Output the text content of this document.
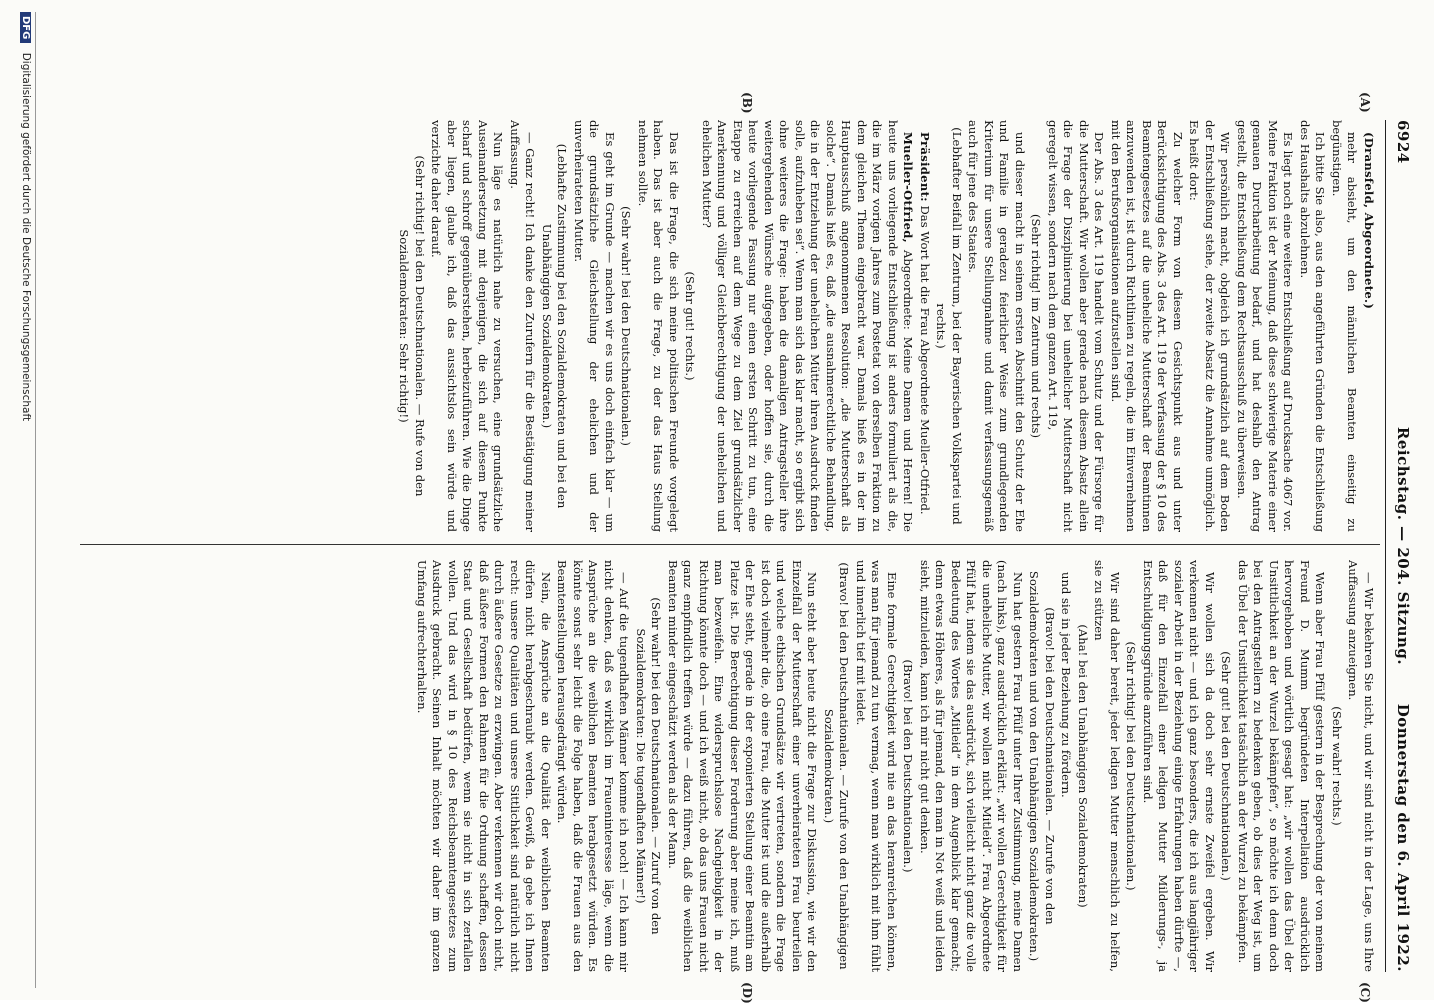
6924
Reichstag. — 204. Sitzung.
Donnerstag den 6. April 1922.
(A)
(B)
(C)
(D)

(Dransfeld, Abgeordnete.)

mehr absieht, um den männlichen Beamten einseitig zu begünstigen.

Ich bitte Sie also, aus den angeführten Gründen die Entschließung des Haushalts abzulehnen.

Es liegt noch eine weitere Entschließung auf Drucksache 4067 vor. Meine Fraktion ist der Meinung, daß diese schwierige Materie einer genauen Durcharbeitung bedarf, und hat deshalb den Antrag gestellt, die Entschließung dem Rechtsausschuß zu überweisen.

Wir persönlich macht, obgleich ich grundsätzlich auf dem Boden der Entschließung stehe, der zweite Absatz die Annahme unmöglich. Es heißt dort:

Zu welcher Form von diesem Gesichtspunkt aus und unter Berücksichtigung des Abs. 3 des Art. 119 der Verfassung der § 10 des Beamtengesetzes auf die uneheliche Mutterschaft der Beamtinnen anzuwenden ist, ist durch Richtlinien zu regeln, die im Einvernehmen mit den Berufsorganisationen aufzustellen sind.

Der Abs. 3 des Art. 119 handelt vom Schutz und der Fürsorge für die Mutterschaft. Wir wollen aber gerade nach diesem Absatz allein die Frage der Disziplinierung bei unehelicher Mutterschaft nicht geregelt wissen, sondern nach dem ganzen Art. 119,

(Sehr richtig! im Zentrum und rechts)

und dieser macht in seinem ersten Abschnitt den Schutz der Ehe und Familie in geradezu feierlicher Weise zum grundlegenden Kriterium für unsere Stellungnahme und damit verfassungsgemäß auch für jene des Staates.

(Lebhafter Beifall im Zentrum, bei der Bayerischen Volkspartei und rechts.)

Präsident: Das Wort hat die Frau Abgeordnete Mueller-Otfried.

Mueller-Otfried, Abgeordnete: Meine Damen und Herren! Die heute uns vorliegende Entschließung ist anders formuliert als die, die im März vorigen Jahres zum Postetat von derselben Fraktion zu dem gleichen Thema eingebracht war. Damals hieß es in der im Hauptausschuß angenommenen Resolution: „die Mutterschaft als solche“. Damals hieß es, daß „die ausnahmerechtliche Behandlung, die in der Entziehung der unehelichen Mütter ihren Ausdruck finden solle, aufzuheben sei“. Wenn man sich das klar macht, so ergibt sich ohne weiteres die Frage: haben die damaligen Antragsteller ihre weitergehenden Wünsche aufgegeben, oder hoffen sie, durch die heute vorliegende Fassung nur einen ersten Schritt zu tun, eine Etappe zu erreichen auf dem Wege zu dem Ziel grundsätzlicher Anerkennung und völliger Gleichberechtigung der unehelichen und ehelichen Mutter?

(Sehr gut! rechts.)

Das ist die Frage, die sich meine politischen Freunde vorgelegt haben. Das ist aber auch die Frage, zu der das Haus Stellung nehmen sollte.

(Sehr wahr! bei den Deutschnationalen.)

Es geht im Grunde — machen wir es uns doch einfach klar — um die grundsätzliche Gleichstellung der ehelichen und der unverheirateten Mutter.

(Lebhafte Zustimmung bei den Sozialdemokraten und bei den Unabhängigen Sozialdemokraten.)

— Ganz recht! Ich danke den Zurufern für die Bestätigung meiner Auffassung.

Nun läge es natürlich nahe zu versuchen, eine grundsätzliche Auseinandersetzung mit denjenigen, die sich auf diesem Punkte scharf und schroff gegenüberstehen, herbeizuführen. Wie die Dinge aber liegen, glaube ich, daß das aussichtslos sein würde und verzichte daher darauf.

(Sehr richtig! bei den Deutschnationalen. — Rufe von den Sozialdemokraten: Sehr richtig!)

— Wir bekehren Sie nicht, und wir sind nicht in der Lage, uns Ihre Auffassung anzueignen.

(Sehr wahr! rechts.)

Wenn aber Frau Pfülf gestern in der Besprechung der von meinem Freund D. Mumm begründeten Interpellation ausdrücklich hervorgehoben und wörtlich gesagt hat: „wir wollen das Übel der Unsittlichkeit an der Wurzel bekämpfen“, so möchte ich denn doch bei den Antragstellern zu bedenken geben, ob dies der Weg ist, um das Übel der Unsittlichkeit tatsächlich an der Wurzel zu bekämpfen.

(Sehr gut! bei den Deutschnationalen.)

Wir wollen sich da doch sehr ernste Zweifel ergeben. Wir verkennen nicht — und ich ganz besonders, die ich aus langjähriger sozialer Arbeit in der Beziehung einige Erfahrungen haben dürfte —, daß für den Einzelfall einer ledigen Mutter Milderungs-, ja Entschuldigungsgründe anzuführen sind.

(Sehr richtig! bei den Deutschnationalen.)

Wir sind daher bereit, jeder ledigen Mutter menschlich zu helfen, sie zu stützen

(Aha! bei den Unabhängigen Sozialdemokraten)

und sie in jeder Beziehung zu fördern.

(Bravo! bei den Deutschnationalen. — Zurufe von den Sozialdemokraten und von den Unabhängigen Sozialdemokraten.)

Nun hat gestern Frau Pfülf unter Ihrer Zustimmung, meine Damen (nach links), ganz ausdrücklich erklärt: „wir wollen Gerechtigkeit für die uneheliche Mutter, wir wollen nicht Mitleid“. Frau Abgeordnete Pfülf hat, indem sie das ausdrückt, sich vielleicht nicht ganz die volle Bedeutung des Wortes „Mitleid“ in dem Augenblick klar gemacht; denn etwas Höheres, als für jemand, den man in Not weiß und leiden sieht, mitzuleiden, kann ich mir nicht gut denken.

(Bravo! bei den Deutschnationalen.)

Eine formale Gerechtigkeit wird nie an das heranreichen können, was man für jemand zu tun vermag, wenn man wirklich mit ihm fühlt und innerlich tief mit leidet.

(Bravo! bei den Deutschnationalen. — Zurufe von den Unabhängigen Sozialdemokraten.)

Nun steht aber heute nicht die Frage zur Diskussion, wie wir den Einzelfall der Mutterschaft einer unverheirateten Frau beurteilen und welche ethischen Grundsätze wir vertreten, sondern die Frage ist doch vielmehr die, ob eine Frau, die Mutter ist und die außerhalb der Ehe steht, gerade in der exponierten Stellung einer Beamtin am Platze ist. Die Berechtigung dieser Forderung aber meine ich, muß man bezweifeln. Eine widerspruchslose Nachgiebigkeit in der Richtung könnte doch — und ich weiß nicht, ob das uns Frauen nicht ganz empfindlich treffen würde — dazu führen, daß die weiblichen Beamten minder eingeschätzt werden als der Mann.

(Sehr wahr! bei den Deutschnationalen. — Zuruf von den Sozialdemokraten: Die tugendhaften Männer!)

— Auf die tugendhaften Männer komme ich noch! — Ich kann mir nicht denken, daß es wirklich im Fraueninteresse läge, wenn die Ansprüche an die weiblichen Beamten herabgesetzt würden. Es könnte sonst sehr leicht die Folge haben, daß die Frauen aus den Beamtenstellungen herausgedrängt würden.

Nein, die Ansprüche an die Qualität der weiblichen Beamten dürfen nicht herabgeschraubt werden. Gewiß, da gebe ich Ihnen recht: unsere Qualitäten und unsere Sittlichkeit sind natürlich nicht durch äußere Gesetze zu erzwingen. Aber verkennen wir doch nicht, daß äußere Formen den Rahmen für die Ordnung schaffen, dessen Staat und Gesellschaft bedürfen, wenn sie nicht in sich zerfallen wollen. Und das wird in § 10 des Reichsbeamtengesetzes zum Ausdruck gebracht. Seinen Inhalt möchten wir daher im ganzen Umfang aufrechterhalten.

DFG Digitalisierung gefördert durch die Deutsche Forschungsgemeinschaft
